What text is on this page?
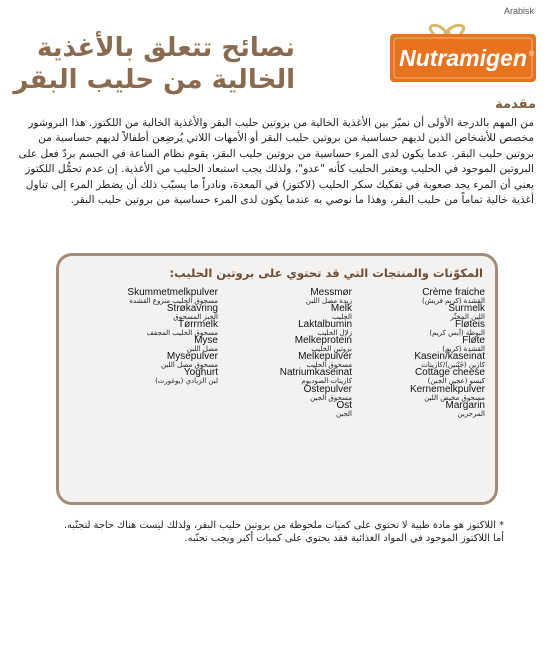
Arabisk
Nutramigen ®
نصائح تتعلق بالأغذية
الخالية من حليب البقر
مقدمة
من المهم بالدرجة الأولى أن نميّز بين الأغذية الخالية من بروتين حليب البقر والأغذية الخالية من اللكتوز. هذا البروشور مخصص للأشخاص الذين لديهم حساسية من بروتين حليب البقر أو الأمهات اللاتي يُرضِعن أطفالاً لديهم حساسية من بروتين حليب البقر. عدما يكون لدى المرء حساسية من بروتين حليب البقر، يقوم نظام المناعة في الجسم بردّ فعل على البروتين الموجود في الحليب ويعتبر الحليب كأنه "عدو"، ولذلك يجب استبعاد الحليب من الأغذية. إن عدم تحمُّل اللكتوز يعني أن المرء يجد صعوبة في تفكيك سكر الحليب (لاكتوز) في المعدة، ونادراً ما يسبّب ذلك أن يضطر المرء إلى تناول أغذية خالية تماماً من حليب البقر، وهذا ما نوصي به عندما يكون لدى المرء حساسية من بروتين حليب البقر.
المكوّنات والمنتجات التي قد تحتوي على بروتين الحليب:
Crème fraiche
القشدة (كريم فريش)
Surmelk
اللبن المخثّر
Fløteis
البوظة (آيس كريم)
Fløte
القشدة (كريم)
Kasein/kaseinat
كازين (جُبْنين)/كازينات
Cottage cheese
كيسو (عجين الجبن)
Kernemelkpulver
مسحوق مخيض اللبن
Margarin
المرجرين
Messmør
زبدة مصل اللبن
Melk
الحليب
Laktalbumin
زلال الحليب
Melkeprotein
بروتين الحليب
Melkepulver
مسحوق الحليب
Natriumkaseinat
كازينات الصوديوم
Ostepulver
مسحوق الجبن
Ost
الجبن
Skummetmelkpulver
مسحوق الحليب منزوع القشدة
Strøkavring
الخبز المسحوق
Tørrmelk
مسحوق الحليب المجفف
Myse
مصل اللبن
Mysepulver
مسحوق مصل اللبن
Yoghurt
لبن الزبادي (يوغورت)
* اللاكتوز هو مادة طبية لا تحتوي على كميات ملحوظة من بروتين حليب البقر، ولذلك ليست هناك حاجة لتجنّبه.
أما اللاكتوز الموجود في المواد الغذائية فقد يحتوي على كميات أكبر ويجب تجنّبه.
